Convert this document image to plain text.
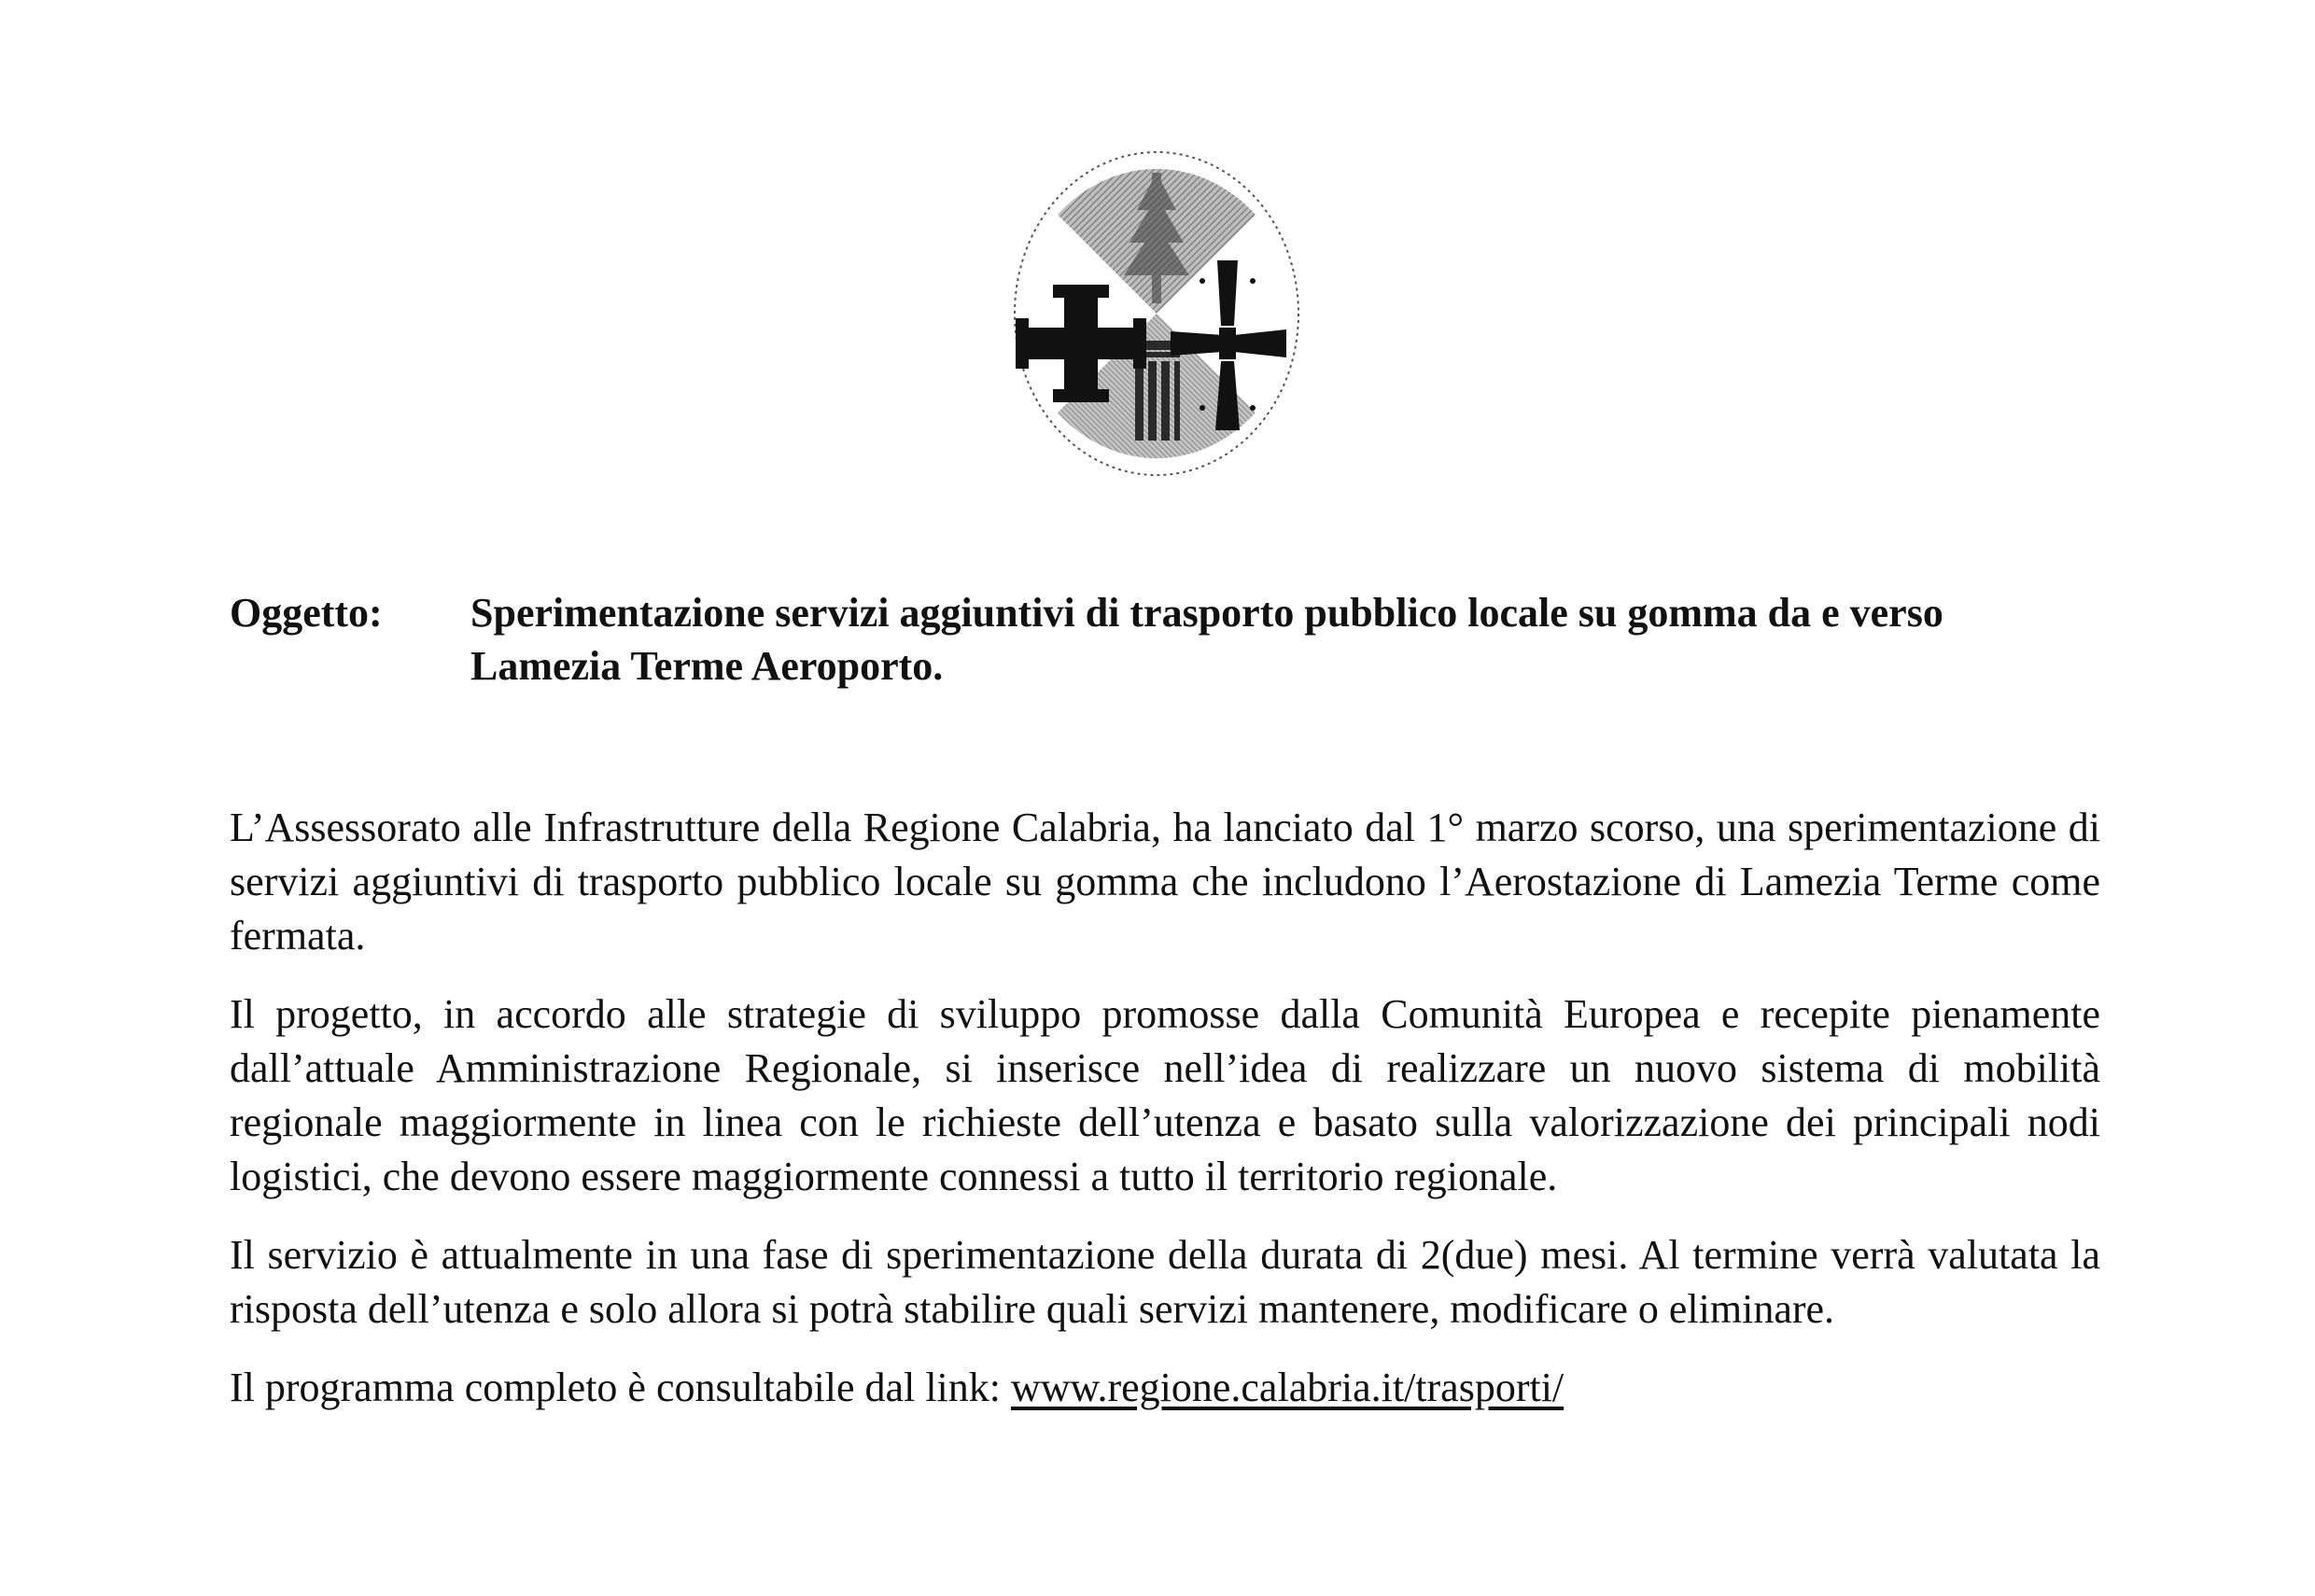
Oggetto: Sperimentazione servizi aggiuntivi di trasporto pubblico locale su gomma da e verso Lamezia Terme Aeroporto.

L’Assessorato alle Infrastrutture della Regione Calabria, ha lanciato dal 1° marzo scorso, una sperimentazione di servizi aggiuntivi di trasporto pubblico locale su gomma che includono l’Aerostazione di Lamezia Terme come fermata.

Il progetto, in accordo alle strategie di sviluppo promosse dalla Comunità Europea e recepite pienamente dall’attuale Amministrazione Regionale, si inserisce nell’idea di realizzare un nuovo sistema di mobilità regionale maggiormente in linea con le richieste dell’utenza e basato sulla valorizzazione dei principali nodi logistici, che devono essere maggiormente connessi a tutto il territorio regionale.

Il servizio è attualmente in una fase di sperimentazione della durata di 2(due) mesi. Al termine verrà valutata la risposta dell’utenza e solo allora si potrà stabilire quali servizi mantenere, modificare o eliminare.

Il programma completo è consultabile dal link: www.regione.calabria.it/trasporti/
